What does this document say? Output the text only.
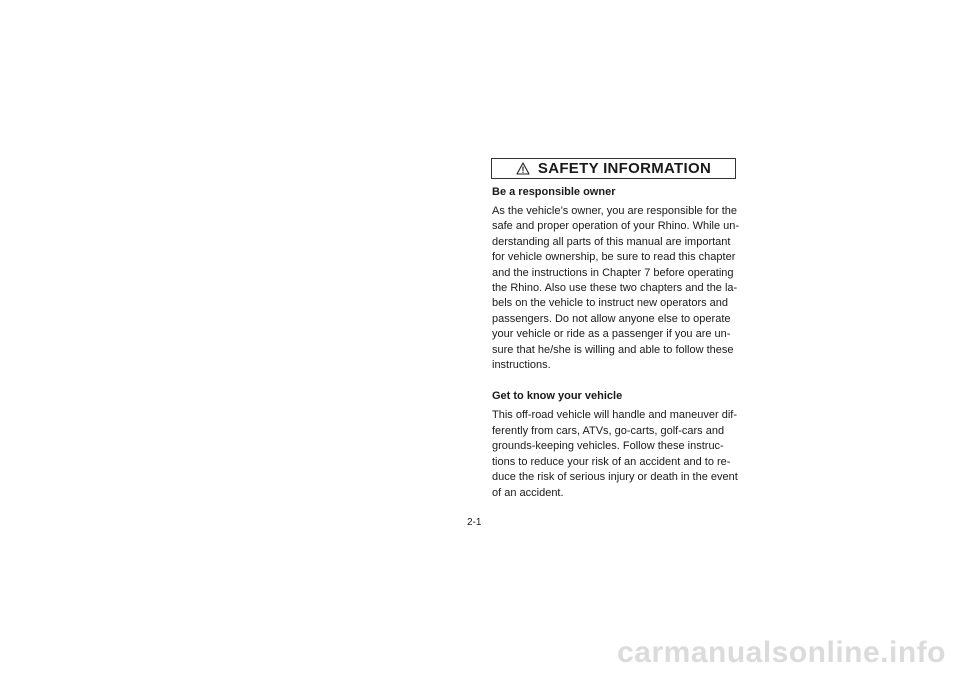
SAFETY INFORMATION

Be a responsible owner

As the vehicle’s owner, you are responsible for the
safe and proper operation of your Rhino. While un-
derstanding all parts of this manual are important
for vehicle ownership, be sure to read this chapter
and the instructions in Chapter 7 before operating
the Rhino. Also use these two chapters and the la-
bels on the vehicle to instruct new operators and
passengers. Do not allow anyone else to operate
your vehicle or ride as a passenger if you are un-
sure that he/she is willing and able to follow these
instructions.

Get to know your vehicle

This off-road vehicle will handle and maneuver dif-
ferently from cars, ATVs, go-carts, golf-cars and
grounds-keeping vehicles. Follow these instruc-
tions to reduce your risk of an accident and to re-
duce the risk of serious injury or death in the event
of an accident.

2-1
carmanualsonline.info
